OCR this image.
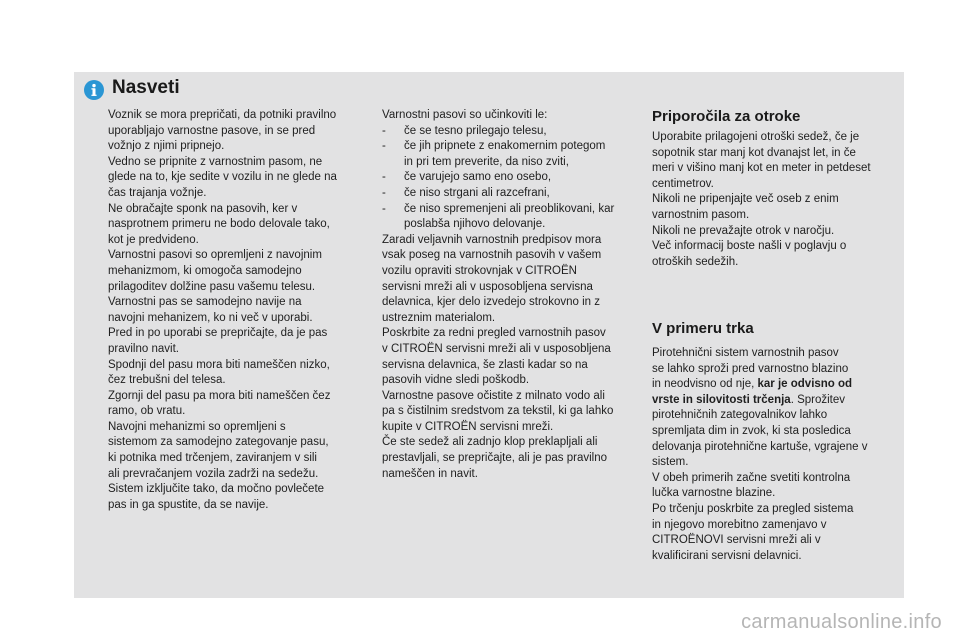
Nasveti

Voznik se mora prepričati, da potniki pravilno

uporabljajo varnostne pasove, in se pred

vožnjo z njimi pripnejo.

Vedno se pripnite z varnostnim pasom, ne

glede na to, kje sedite v vozilu in ne glede na

čas trajanja vožnje.

Ne obračajte sponk na pasovih, ker v

nasprotnem primeru ne bodo delovale tako,

kot je predvideno.

Varnostni pasovi so opremljeni z navojnim

mehanizmom, ki omogoča samodejno

prilagoditev dolžine pasu vašemu telesu.

Varnostni pas se samodejno navije na

navojni mehanizem, ko ni več v uporabi.

Pred in po uporabi se prepričajte, da je pas

pravilno navit.

Spodnji del pasu mora biti nameščen nizko,

čez trebušni del telesa.

Zgornji del pasu pa mora biti nameščen čez

ramo, ob vratu.

Navojni mehanizmi so opremljeni s

sistemom za samodejno zategovanje pasu,

ki potnika med trčenjem, zaviranjem v sili

ali prevračanjem vozila zadrži na sedežu.

Sistem izključite tako, da močno povlečete

pas in ga spustite, da se navije.

Varnostni pasovi so učinkoviti le:

-	če se tesno prilegajo telesu,
-	če jih pripnete z enakomernim potegom
in pri tem preverite, da niso zviti,
-	če varujejo samo eno osebo,
-	če niso strgani ali razcefrani,
-	če niso spremenjeni ali preoblikovani, kar
poslabša njihovo delovanje.

Zaradi veljavnih varnostnih predpisov mora

vsak poseg na varnostnih pasovih v vašem

vozilu opraviti strokovnjak v CITROËN

servisni mreži ali v usposobljena servisna

delavnica, kjer delo izvedejo strokovno in z

ustreznim materialom.

Poskrbite za redni pregled varnostnih pasov

v CITROËN servisni mreži ali v usposobljena

servisna delavnica, še zlasti kadar so na

pasovih vidne sledi poškodb.

Varnostne pasove očistite z milnato vodo ali

pa s čistilnim sredstvom za tekstil, ki ga lahko

kupite v CITROËN servisni mreži.

Če ste sedež ali zadnjo klop preklapljali ali

prestavljali, se prepričajte, ali je pas pravilno

nameščen in navit.

Priporočila za otroke

Uporabite prilagojeni otroški sedež, če je

sopotnik star manj kot dvanajst let, in če

meri v višino manj kot en meter in petdeset

centimetrov.

Nikoli ne pripenjajte več oseb z enim

varnostnim pasom.

Nikoli ne prevažajte otrok v naročju.

Več informacij boste našli v poglavju o

otroških sedežih.

V primeru trka

Pirotehnični sistem varnostnih pasov

se lahko sproži pred varnostno blazino

in neodvisno od nje, kar je odvisno od

vrste in silovitosti trčenja. Sprožitev

pirotehničnih zategovalnikov lahko

spremljata dim in zvok, ki sta posledica

delovanja pirotehnične kartuše, vgrajene v

sistem.

V obeh primerih začne svetiti kontrolna

lučka varnostne blazine.

Po trčenju poskrbite za pregled sistema

in njegovo morebitno zamenjavo v

CITROËNOVI servisni mreži ali v

kvalificirani servisni delavnici.

carmanualsonline.info
